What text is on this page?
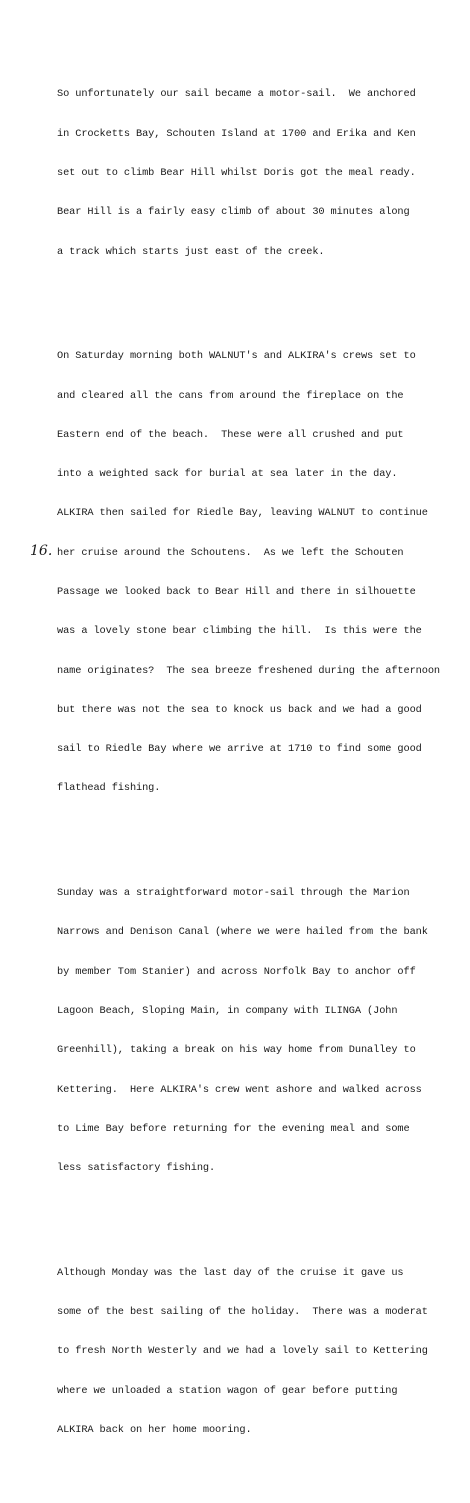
So unfortunately our sail became a motor-sail.  We anchored

in Crocketts Bay, Schouten Island at 1700 and Erika and Ken

set out to climb Bear Hill whilst Doris got the meal ready.

Bear Hill is a fairly easy climb of about 30 minutes along

a track which starts just east of the creek.

On Saturday morning both WALNUT's and ALKIRA's crews set to

and cleared all the cans from around the fireplace on the

Eastern end of the beach.  These were all crushed and put

into a weighted sack for burial at sea later in the day.

ALKIRA then sailed for Riedle Bay, leaving WALNUT to continue

her cruise around the Schoutens.  As we left the Schouten

Passage we looked back to Bear Hill and there in silhouette

was a lovely stone bear climbing the hill.  Is this were the

name originates?  The sea breeze freshened during the afternoon

but there was not the sea to knock us back and we had a good

sail to Riedle Bay where we arrive at 1710 to find some good

flathead fishing.

Sunday was a straightforward motor-sail through the Marion

Narrows and Denison Canal (where we were hailed from the bank

by member Tom Stanier) and across Norfolk Bay to anchor off

Lagoon Beach, Sloping Main, in company with ILINGA (John

Greenhill), taking a break on his way home from Dunalley to

Kettering.  Here ALKIRA's crew went ashore and walked across

to Lime Bay before returning for the evening meal and some

less satisfactory fishing.

Although Monday was the last day of the cruise it gave us

some of the best sailing of the holiday.  There was a moderat

to fresh North Westerly and we had a lovely sail to Kettering

where we unloaded a station wagon of gear before putting

ALKIRA back on her home mooring.

16.
